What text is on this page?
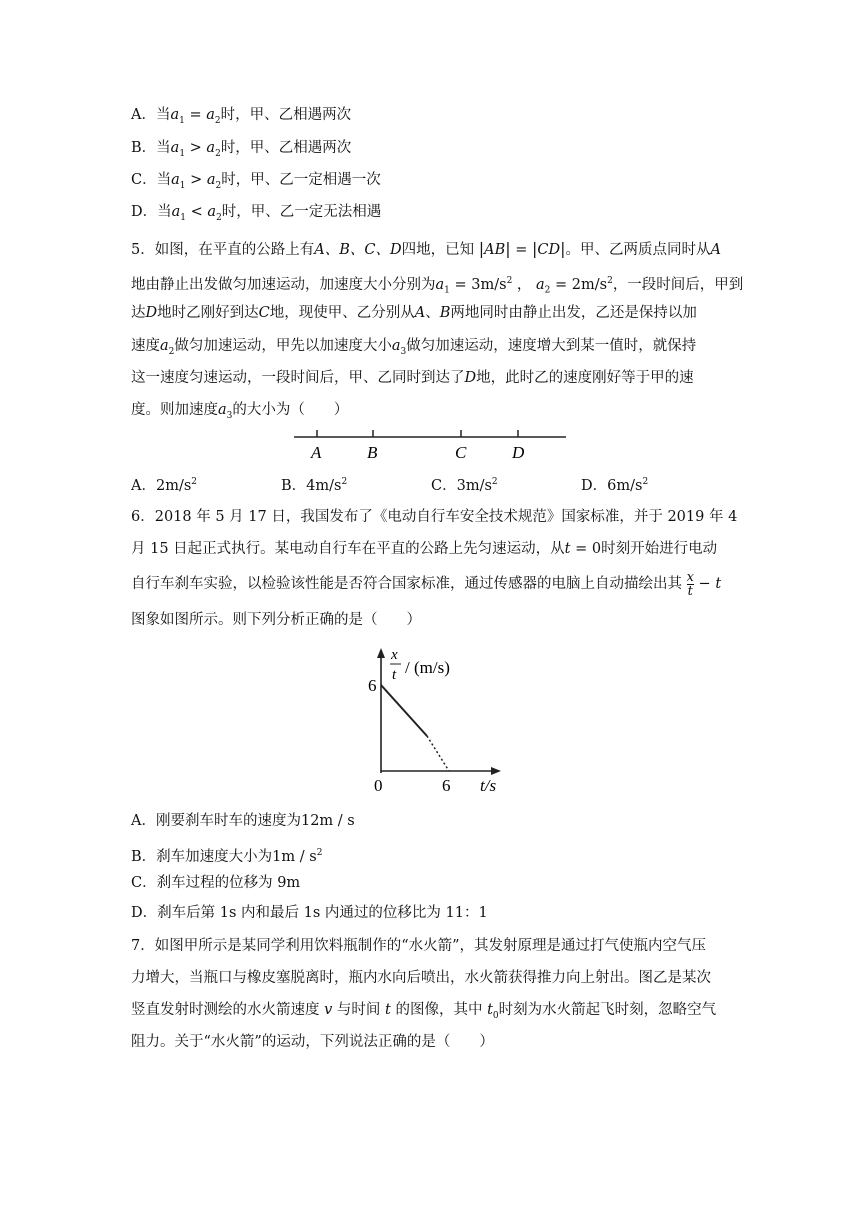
A．当$a_1 = a_2$时，甲、乙相遇两次
B．当$a_1 > a_2$时，甲、乙相遇两次
C．当$a_1 > a_2$时，甲、乙一定相遇一次
D．当$a_1 < a_2$时，甲、乙一定无法相遇
5．如图，在平直的公路上有A、B、C、D四地，已知 |AB| = |CD|。甲、乙两质点同时从A
地由静止出发做匀加速运动，加速度大小分别为$a_1 = 3m/s^2$ ， $a_2 = 2m/s^2$，一段时间后，甲到
达D地时乙刚好到达C地，现使甲、乙分别从A、B两地同时由静止出发，乙还是保持以加
速度$a_2$做匀加速运动，甲先以加速度大小$a_3$做匀加速运动，速度增大到某一值时，就保持
这一速度匀速运动，一段时间后，甲、乙同时到达了D地，此时乙的速度刚好等于甲的速
度。则加速度$a_3$的大小为（　　）
A	B	C	D
A．$2m/s^2$	B．$4m/s^2$	C．$3m/s^2$	D．$6m/s^2$
6．2018 年 5 月 17 日，我国发布了《电动自行车安全技术规范》国家标准，并于 2019 年 4
月 15 日起正式执行。某电动自行车在平直的公路上先匀速运动，从t = 0时刻开始进行电动
自行车刹车实验，以检验该性能是否符合国家标准，通过传感器的电脑上自动描绘出其 $\frac{x}{t} - t$
图象如图所示。则下列分析正确的是（　　）
x
t / (m/s)
6
0	6 t/s
A．刚要刹车时车的速度为12m / s
B．刹车加速度大小为$1m / s^2$
C．刹车过程的位移为 9m
D．刹车后第 1s 内和最后 1s 内通过的位移比为 11：1
7．如图甲所示是某同学利用饮料瓶制作的“水火箭”，其发射原理是通过打气使瓶内空气压
力增大，当瓶口与橡皮塞脱离时，瓶内水向后喷出，水火箭获得推力向上射出。图乙是某次
竖直发射时测绘的水火箭速度 v 与时间 t 的图像，其中 $t_0$时刻为水火箭起飞时刻，忽略空气
阻力。关于“水火箭”的运动，下列说法正确的是（　　）
